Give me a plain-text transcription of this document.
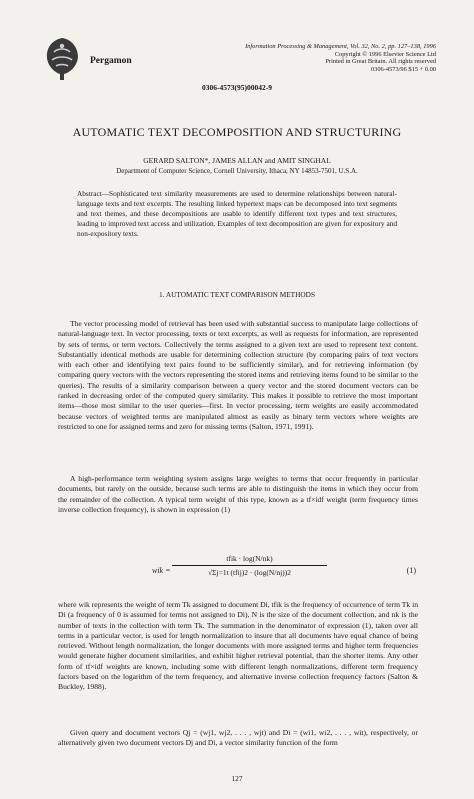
Pergamon
Information Processing & Management, Vol. 32, No. 2, pp. 127–138, 1996
Copyright © 1996 Elsevier Science Ltd
Printed in Great Britain. All rights reserved
0306-4573/96 $15 + 0.00
0306-4573(95)00042-9
AUTOMATIC TEXT DECOMPOSITION AND STRUCTURING
GERARD SALTON*, JAMES ALLAN and AMIT SINGHAL
Department of Computer Science, Cornell University, Ithaca, NY 14853-7501, U.S.A.
Abstract—Sophisticated text similarity measurements are used to determine relationships between natural-language texts and text excerpts. The resulting linked hypertext maps can be decomposed into text segments and text themes, and these decompositions are usable to identify different text types and text structures, leading to improved text access and utilization. Examples of text decomposition are given for expository and non-expository texts.
1. AUTOMATIC TEXT COMPARISON METHODS
The vector processing model of retrieval has been used with substantial success to manipulate large collections of natural-language text. In vector processing, texts or text excerpts, as well as requests for information, are represented by sets of terms, or term vectors. Collectively the terms assigned to a given text are used to represent text content. Substantially identical methods are usable for determining collection structure (by comparing pairs of text vectors with each other and identifying text pairs found to be sufficiently similar), and for retrieving information (by comparing query vectors with the vectors representing the stored items and retrieving items found to be similar to the queries). The results of a similarity comparison between a query vector and the stored document vectors can be ranked in decreasing order of the computed query similarity. This makes it possible to retrieve the most important items—those most similar to the user queries—first. In vector processing, term weights are easily accommodated because vectors of weighted terms are manipulated almost as easily as binary term vectors where weights are restricted to one for assigned terms and zero for missing terms (Salton, 1971, 1991).
A high-performance term weighting system assigns large weights to terms that occur frequently in particular documents, but rarely on the outside, because such terms are able to distinguish the items in which they occur from the remainder of the collection. A typical term weight of this type, known as a tf×idf weight (term frequency times inverse collection frequency), is shown in expression (1)
wik =
tfik · log(N/nk)
√Σj=1t (tfij)2 · (log(N/nj))2	(1)
where wik represents the weight of term Tk assigned to document Di, tfik is the frequency of occurrence of term Tk in Di (a frequency of 0 is assumed for terms not assigned to Di), N is the size of the document collection, and nk is the number of texts in the collection with term Tk. The summation in the denominator of expression (1), taken over all terms in a particular vector, is used for length normalization to insure that all documents have equal chance of being retrieved. Without length normalization, the longer documents with more assigned terms and higher term frequencies would generate higher document similarities, and exhibit higher retrieval potential, than the shorter items. Any other form of tf×idf weights are known, including some with different length normalizations, different term frequency factors based on the logarithm of the term frequency, and alternative inverse collection frequency factors (Salton & Buckley, 1988).
Given query and document vectors Qj = (wj1, wj2, . . . , wjt) and Di = (wi1, wi2, . . . , wit), respectively, or alternatively given two document vectors Dj and Di, a vector similarity function of the form
127
